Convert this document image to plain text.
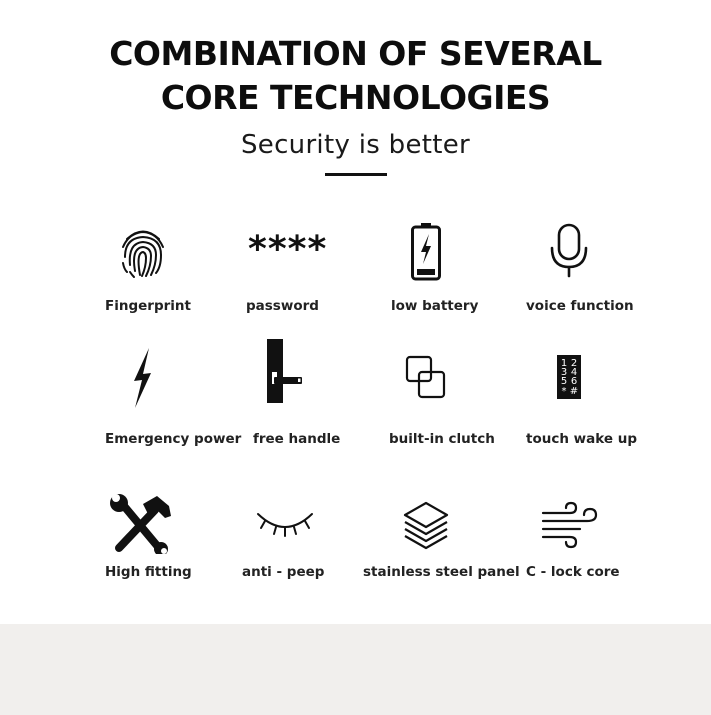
COMBINATION OF SEVERAL
CORE TECHNOLOGIES
Security is better
Fingerprint
****
password	low battery	voice function
Emergency power free handle	built-in clutch
1 2
3 4
5 6
* #
touch wake up
High fitting	anti - peep	stainless steel panel C - lock core
